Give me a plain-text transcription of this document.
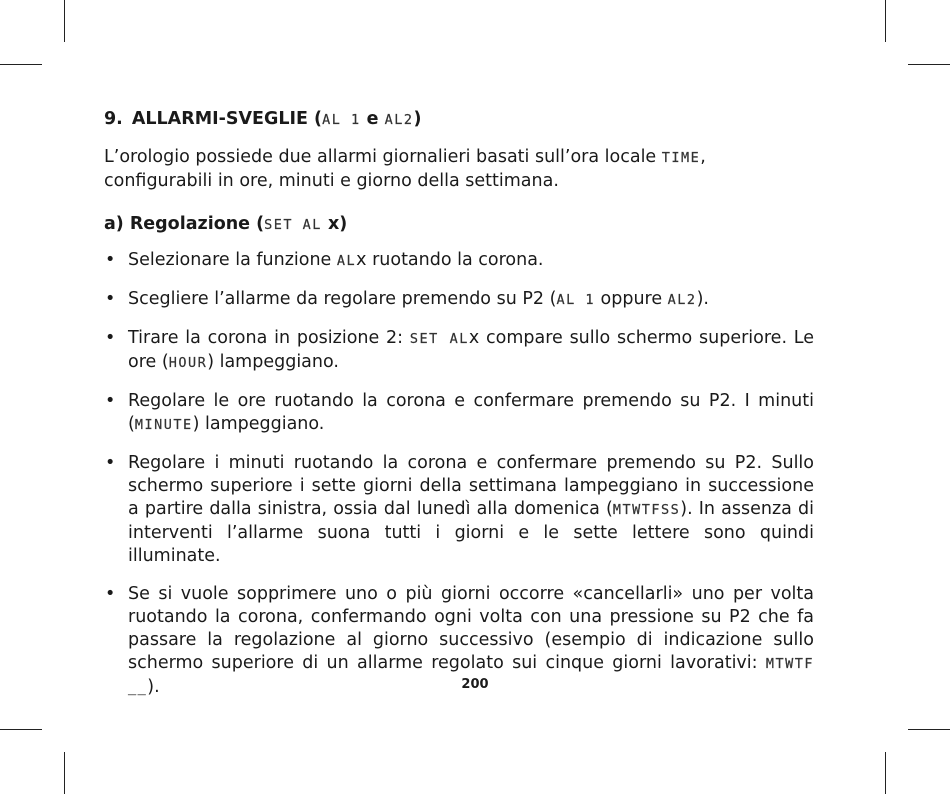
9. ALLARMI-SVEGLIE (AL 1 e AL2)

L’orologio possiede due allarmi giornalieri basati sull’ora locale TIME, configurabili in ore, minuti e giorno della settimana.

a) Regolazione (SET AL x)
• Selezionare la funzione ALx ruotando la corona.
• Scegliere l’allarme da regolare premendo su P2 (AL 1 oppure AL2).
• Tirare la corona in posizione 2: SET ALx compare sullo schermo superiore. Le ore (HOUR) lampeggiano.
• Regolare le ore ruotando la corona e confermare premendo su P2. I minuti (MINUTE) lampeggiano.
• Regolare i minuti ruotando la corona e confermare premendo su P2. Sullo schermo superiore i sette giorni della settimana lampeggiano in successione a partire dalla sinistra, ossia dal lunedì alla domenica (MTWTFSS). In assenza di interventi l’allarme suona tutti i giorni e le sette lettere sono quindi illuminate.
• Se si vuole sopprimere uno o più giorni occorre «cancellarli» uno per volta ruotando la corona, confermando ogni volta con una pressione su P2 che fa passare la regolazione al giorno successivo (esempio di indicazione sullo schermo superiore di un allarme regolato sui cinque giorni lavorativi: MTWTF __).	200
